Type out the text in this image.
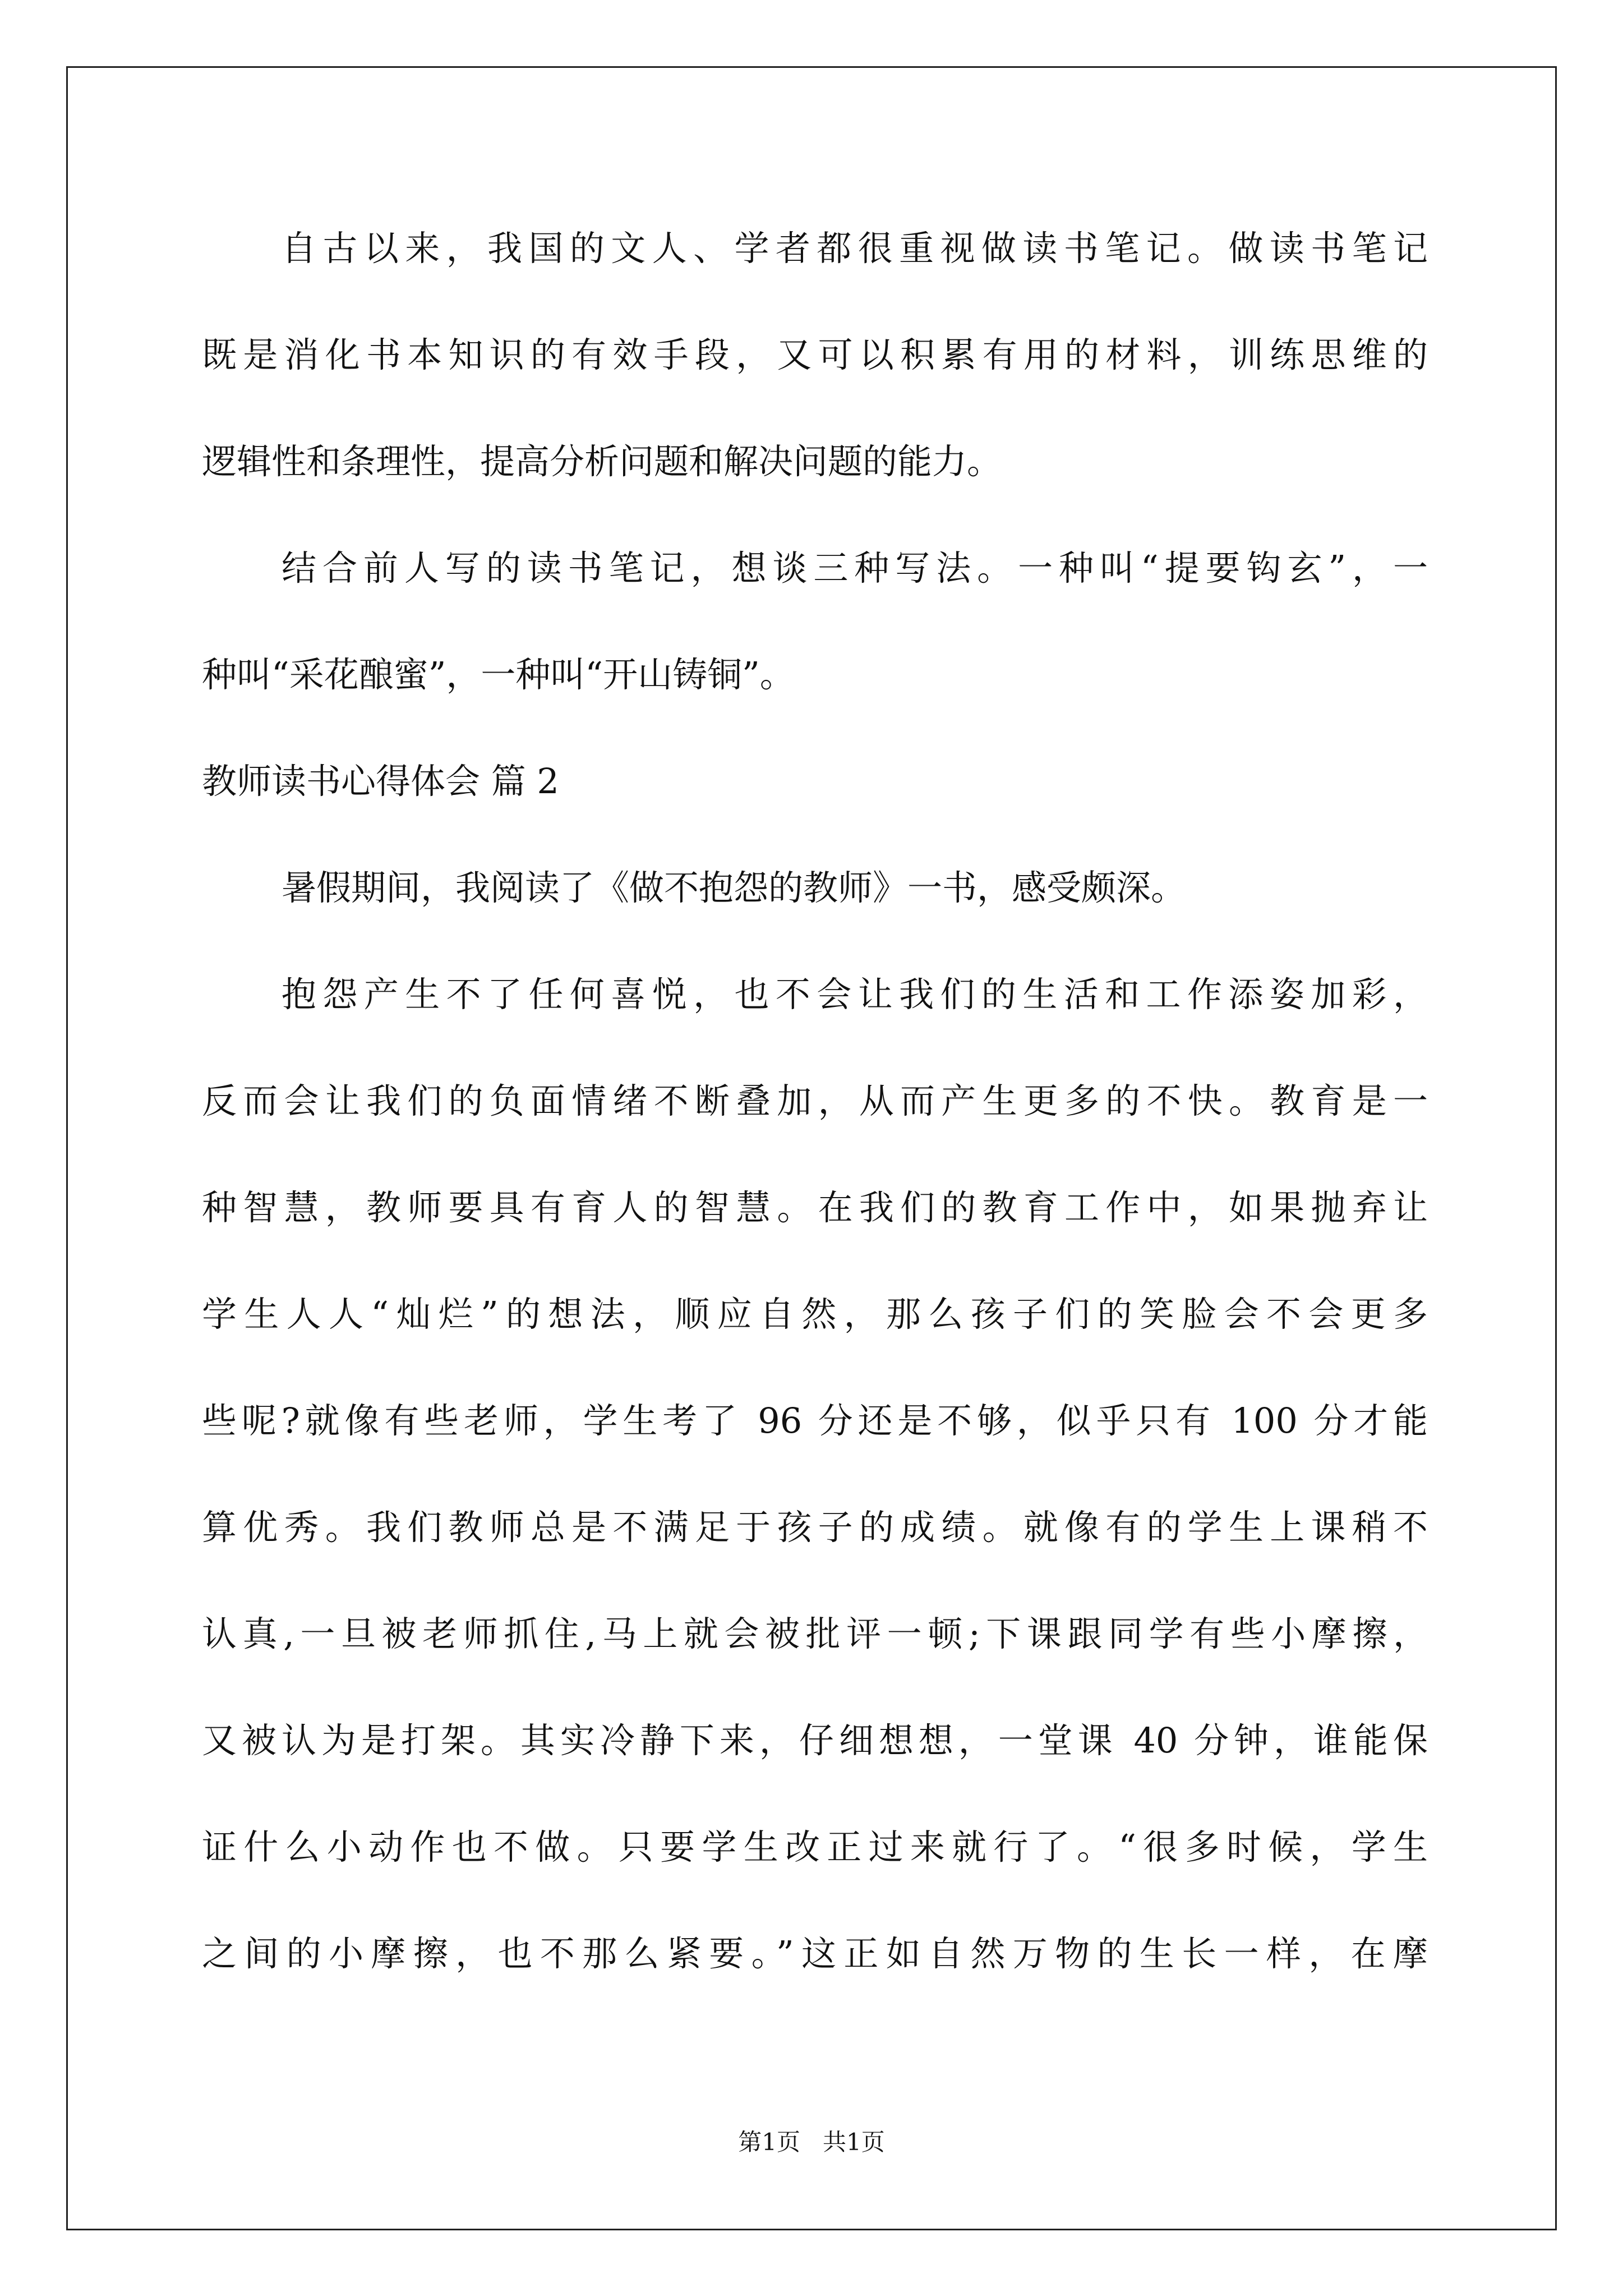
自古以来，我国的文人、学者都很重视做读书笔记。做读书笔记
既是消化书本知识的有效手段，又可以积累有用的材料，训练思维的
逻辑性和条理性，提高分析问题和解决问题的能力。
结合前人写的读书笔记，想谈三种写法。一种叫“提要钩玄”，一
种叫“采花酿蜜”，一种叫“开山铸铜”。
教师读书心得体会 篇 2
暑假期间，我阅读了《做不抱怨的教师》一书，感受颇深。
抱怨产生不了任何喜悦，也不会让我们的生活和工作添姿加彩，
反而会让我们的负面情绪不断叠加，从而产生更多的不快。教育是一
种智慧，教师要具有育人的智慧。在我们的教育工作中，如果抛弃让
学生人人“灿烂”的想法，顺应自然，那么孩子们的笑脸会不会更多
些呢?就像有些老师，学生考了 96 分还是不够，似乎只有 100 分才能
算优秀。我们教师总是不满足于孩子的成绩。就像有的学生上课稍不
认真,一旦被老师抓住,马上就会被批评一顿;下课跟同学有些小摩擦，
又被认为是打架。其实冷静下来，仔细想想，一堂课 40 分钟，谁能保
证什么小动作也不做。只要学生改正过来就行了。“很多时候，学生
之间的小摩擦，也不那么紧要。”这正如自然万物的生长一样，在摩
第1页   共1页
